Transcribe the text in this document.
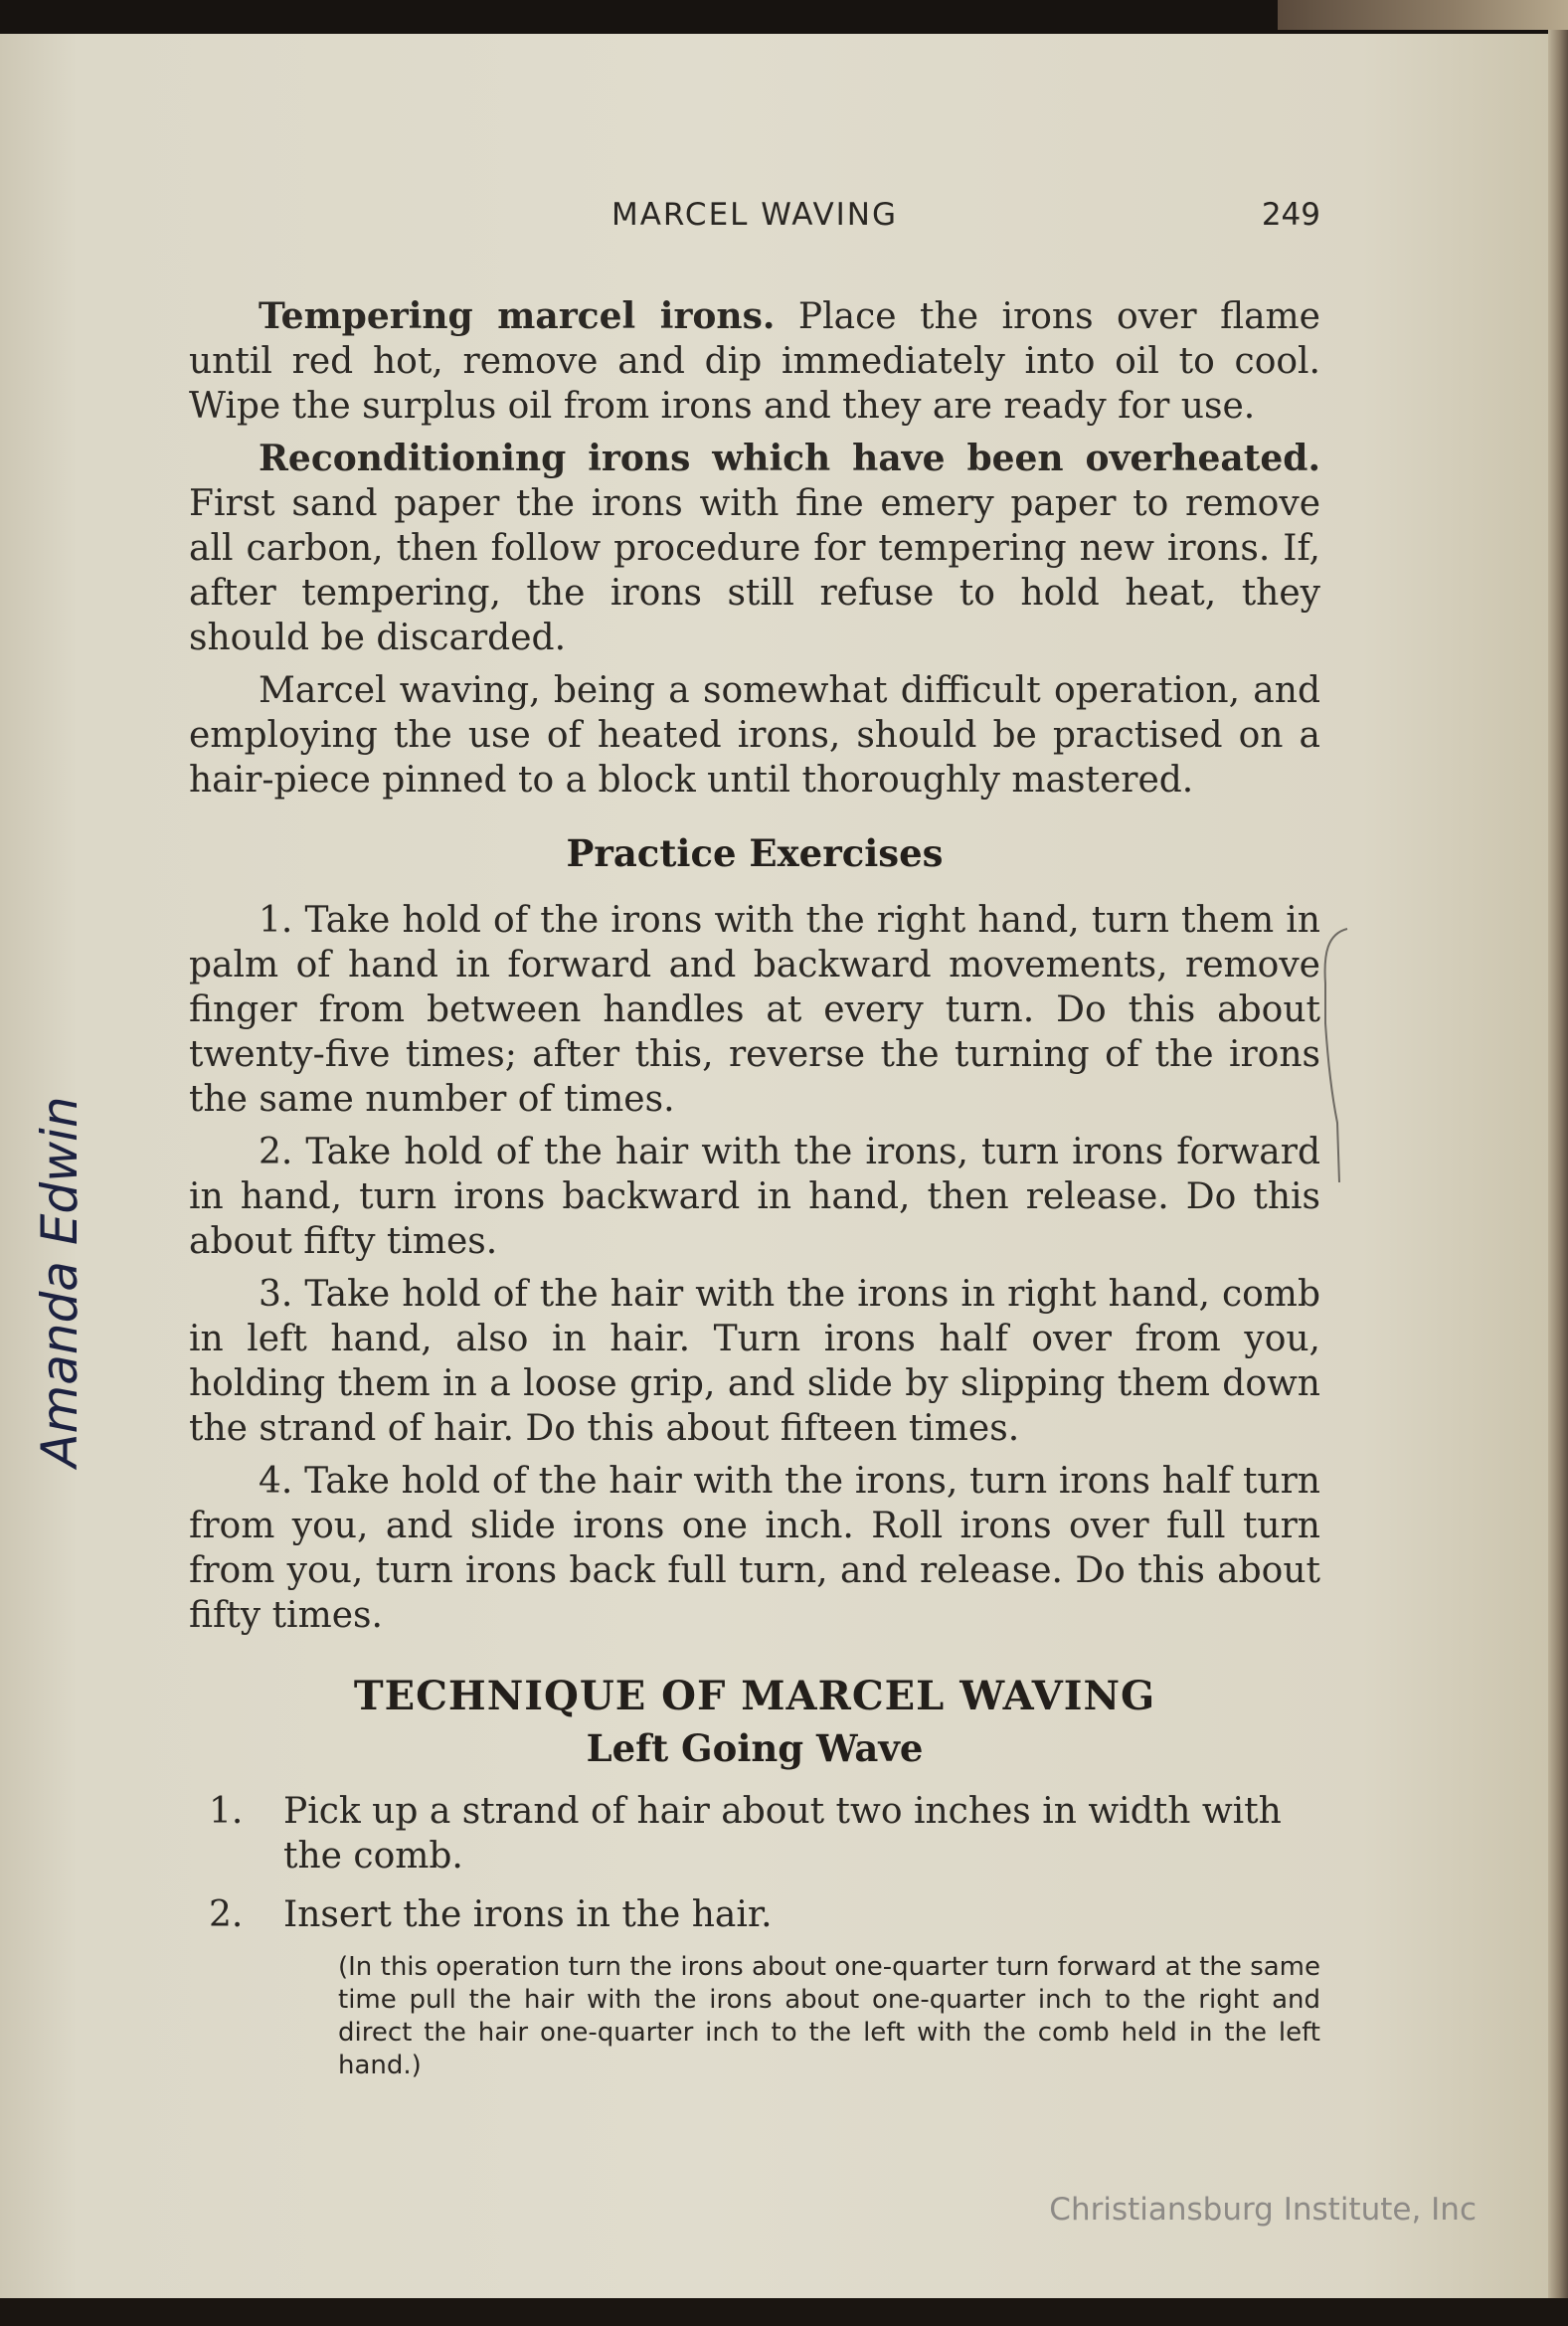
MARCEL WAVING	249

Tempering marcel irons. Place the irons over flame until red hot, remove and dip immediately into oil to cool. Wipe the surplus oil from irons and they are ready for use.

Reconditioning irons which have been overheated. First sand paper the irons with fine emery paper to remove all carbon, then follow procedure for tempering new irons. If, after tempering, the irons still refuse to hold heat, they should be discarded.

Marcel waving, being a somewhat difficult operation, and employing the use of heated irons, should be practised on a hair-piece pinned to a block until thoroughly mastered.

Practice Exercises

1. Take hold of the irons with the right hand, turn them in palm of hand in forward and backward movements, remove finger from between handles at every turn. Do this about twenty-five times; after this, reverse the turning of the irons the same number of times.

2. Take hold of the hair with the irons, turn irons forward in hand, turn irons backward in hand, then release. Do this about fifty times.

3. Take hold of the hair with the irons in right hand, comb in left hand, also in hair. Turn irons half over from you, holding them in a loose grip, and slide by slipping them down the strand of hair. Do this about fifteen times.

4. Take hold of the hair with the irons, turn irons half turn from you, and slide irons one inch. Roll irons over full turn from you, turn irons back full turn, and release. Do this about fifty times.

TECHNIQUE OF MARCEL WAVING
Left Going Wave
1. Pick up a strand of hair about two inches in width with the comb.
2. Insert the irons in the hair.
(In this operation turn the irons about one-quarter turn forward at the same time pull the hair with the irons about one-quarter inch to the right and direct the hair one-quarter inch to the left with the comb held in the left hand.)
Amanda Edwin
Christiansburg Institute, Inc
